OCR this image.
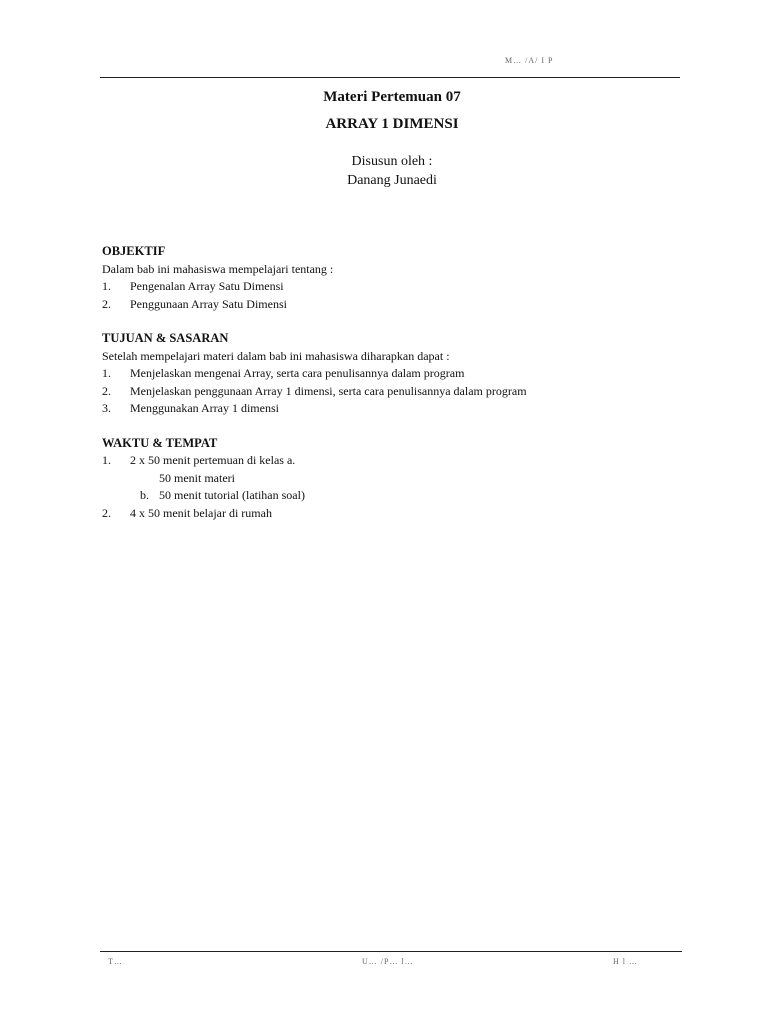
M… /A/ I P
Materi Pertemuan 07
ARRAY 1 DIMENSI
Disusun oleh :
Danang Junaedi
OBJEKTIF
Dalam bab ini mahasiswa mempelajari tentang :
1.	Pengenalan Array Satu Dimensi
2.	Penggunaan Array Satu Dimensi
TUJUAN & SASARAN
Setelah mempelajari materi dalam bab ini mahasiswa diharapkan dapat :
1.	Menjelaskan mengenai Array, serta cara penulisannya dalam program
2.	Menjelaskan penggunaan Array 1 dimensi, serta cara penulisannya dalam program
3.	Menggunakan Array 1 dimensi
WAKTU & TEMPAT
1.	2 x 50 menit pertemuan di kelas a.
50 menit materi
b. 50 menit tutorial (latihan soal)
2.	4 x 50 menit belajar di rumah
T…	U… /P… l…	H l …
